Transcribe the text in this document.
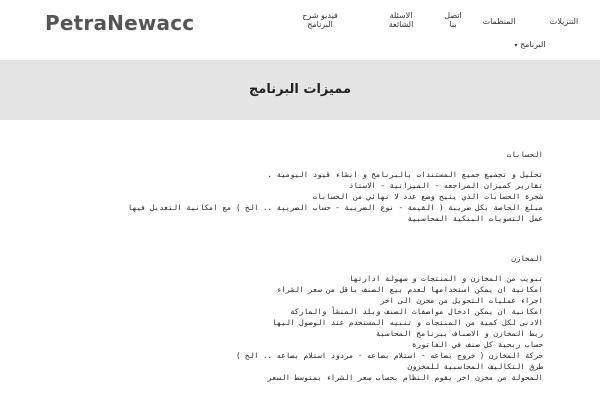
PetraNewacc	التنزيلات
المنظمات
اتصل بنا
الاسئلة الشائعة
فيديو شرح البرنامج
البرنامج ▾
مميزات البرنامج
الحسابات
تحليل و تجميع جميع المستندات بالبرنامج و انشاء قيود اليومية .
تقارير كميزان المراجعه - الميزانية - الاستاذ
شجرة الحسابات الذي يتيح وضع عدد لا نهائي من الحسابات
مبلغ الحاصة بكل ضريبة ( القيمة - نوع الضريبة - حساب الضريبة .. الخ ) مع امكانية التعديل فيها
عمل التسويات البنكية المحاسبية
المخازن
تبويب من المخازن و المنتجات و سهولة ادارتها
امكانية ان يمكن استخدامها لعدم بيع الصنف باقل من سعر الشراء
اجراء عمليات التحويل من مخزن الى اخر
امكانية ان يمكن ادخال مواصفات الصنف وبلد المنشأ والماركة
الادنى لكل كمية من المنتجات و تنبيه المستخدم عند الوصول اليها
ربط المخازن و الاصناف ببرنامج المحاسبة
حساب ربحية كل صنف في الفاتورة
حركة المخازن ( خروج بضاعه - استلام بضاعه - مردود استلام بضاعه .. الخ )
طرق التكاليف المحاسبية للمخزون
المحولة من مخزن اخر يقوم النظام بحساب سعر الشراء بمتوسط السعر
